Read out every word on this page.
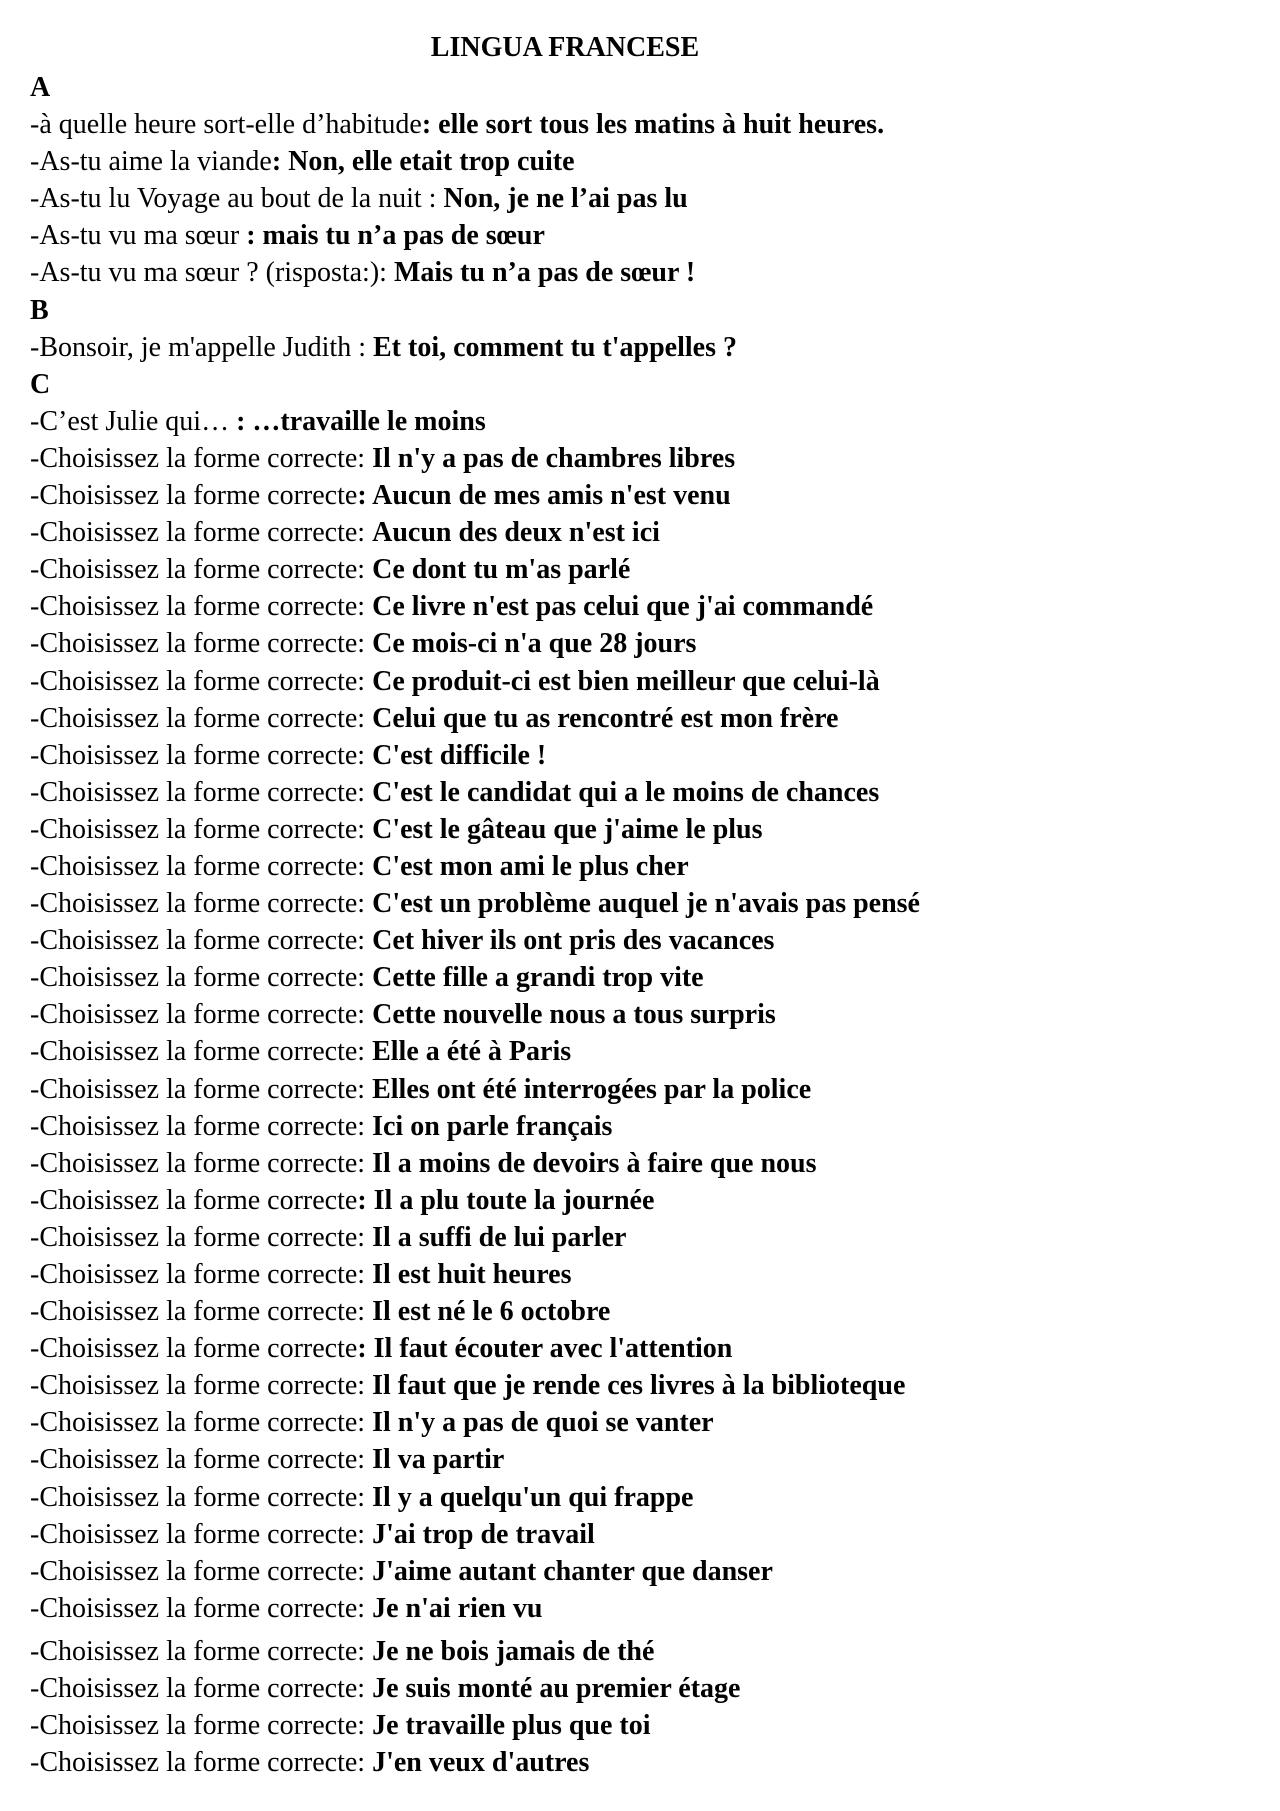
LINGUA FRANCESE
A
-à quelle heure sort-elle d’habitude: elle sort tous les matins à huit heures.
-As-tu aime la viande: Non, elle etait trop cuite
-As-tu lu Voyage au bout de la nuit : Non, je ne l’ai pas lu
-As-tu vu ma sœur : mais tu n’a pas de sœur
-As-tu vu ma sœur ? (risposta:): Mais tu n’a pas de sœur !
B
-Bonsoir, je m'appelle Judith : Et toi, comment tu t'appelles ?
C
-C’est Julie qui… : …travaille le moins
-Choisissez la forme correcte: Il n'y a pas de chambres libres
-Choisissez la forme correcte: Aucun de mes amis n'est venu
-Choisissez la forme correcte: Aucun des deux n'est ici
-Choisissez la forme correcte: Ce dont tu m'as parlé
-Choisissez la forme correcte: Ce livre n'est pas celui que j'ai commandé
-Choisissez la forme correcte: Ce mois-ci n'a que 28 jours
-Choisissez la forme correcte: Ce produit-ci est bien meilleur que celui-là
-Choisissez la forme correcte: Celui que tu as rencontré est mon frère
-Choisissez la forme correcte: C'est difficile !
-Choisissez la forme correcte: C'est le candidat qui a le moins de chances
-Choisissez la forme correcte: C'est le gâteau que j'aime le plus
-Choisissez la forme correcte: C'est mon ami le plus cher
-Choisissez la forme correcte: C'est un problème auquel je n'avais pas pensé
-Choisissez la forme correcte: Cet hiver ils ont pris des vacances
-Choisissez la forme correcte: Cette fille a grandi trop vite
-Choisissez la forme correcte: Cette nouvelle nous a tous surpris
-Choisissez la forme correcte: Elle a été à Paris
-Choisissez la forme correcte: Elles ont été interrogées par la police
-Choisissez la forme correcte: Ici on parle français
-Choisissez la forme correcte: Il a moins de devoirs à faire que nous
-Choisissez la forme correcte: Il a plu toute la journée
-Choisissez la forme correcte: Il a suffi de lui parler
-Choisissez la forme correcte: Il est huit heures
-Choisissez la forme correcte: Il est né le 6 octobre
-Choisissez la forme correcte: Il faut écouter avec l'attention
-Choisissez la forme correcte: Il faut que je rende ces livres à la biblioteque
-Choisissez la forme correcte: Il n'y a pas de quoi se vanter
-Choisissez la forme correcte: Il va partir
-Choisissez la forme correcte: Il y a quelqu'un qui frappe
-Choisissez la forme correcte: J'ai trop de travail
-Choisissez la forme correcte: J'aime autant chanter que danser
-Choisissez la forme correcte: Je n'ai rien vu
-Choisissez la forme correcte: Je ne bois jamais de thé
-Choisissez la forme correcte: Je suis monté au premier étage
-Choisissez la forme correcte: Je travaille plus que toi
-Choisissez la forme correcte: J'en veux d'autres
